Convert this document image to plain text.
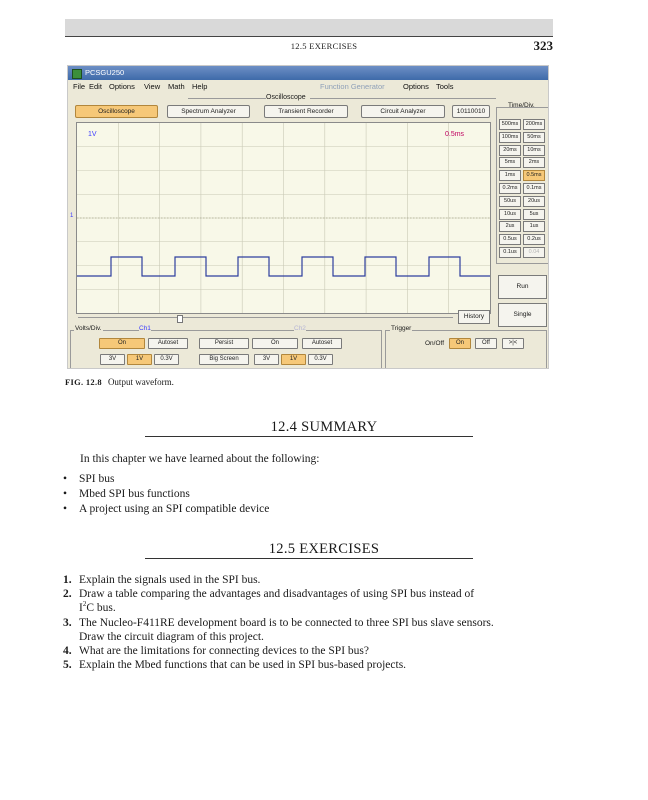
12.5 EXERCISES	323
PCSGU250
File Edit Options View Math Help	Function Generator Options Tools
Oscilloscope
Oscilloscope	Spectrum Analyzer	Transient Recorder	Circuit Analyzer	10110010
1V	0.5ms
1
Time/Div.
500ms	200ms
100ms	50ms
20ms	10ms
5ms	2ms
1ms	0.5ms
0.2ms	0.1ms
50us	20us
10us	5us
2us	1us
0.5us	0.2us
0.1us	0.04
Run
Single
History
Volts/Div.	Ch1	Ch2
On	Autoset	Persist	On	Autoset
3V	1V	0.3V	Big Screen	3V	1V	0.3V
Trigger
On/Off	On	Off	>|<
FIG. 12.8 Output waveform.
12.4 SUMMARY
In this chapter we have learned about the following:
• SPI bus
• Mbed SPI bus functions
• A project using an SPI compatible device
12.5 EXERCISES
1. Explain the signals used in the SPI bus.
2. Draw a table comparing the advantages and disadvantages of using SPI bus instead of
$I^2C$ bus.
3. The Nucleo-F411RE development board is to be connected to three SPI bus slave sensors.
Draw the circuit diagram of this project.
4. What are the limitations for connecting devices to the SPI bus?
5. Explain the Mbed functions that can be used in SPI bus-based projects.
